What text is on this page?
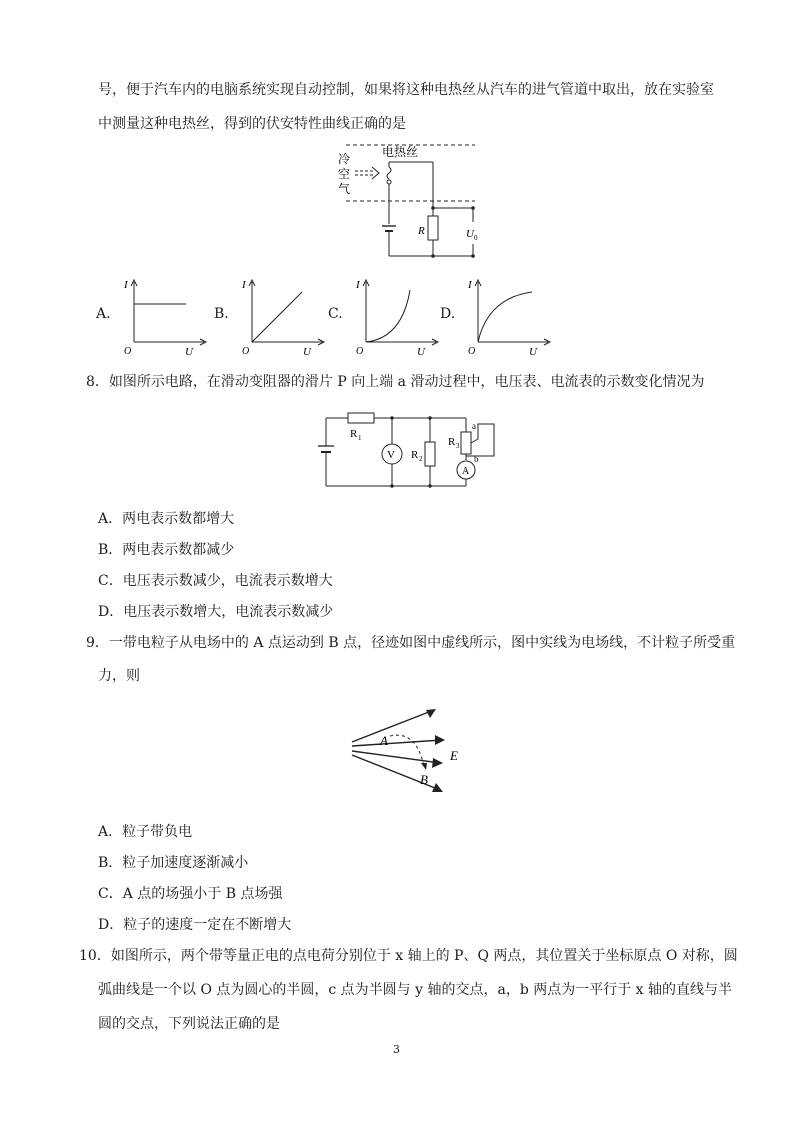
号，便于汽车内的电脑系统实现自动控制，如果将这种电热丝从汽车的进气管道中取出，放在实验室
中测量这种电热丝，得到的伏安特性曲线正确的是
冷
空
气
电热丝
R	U 0
A.
I
O	U
B.
I
O	U
C.
I
O	U
D.
I
O	U
8．如图所示电路，在滑动变阻器的滑片 P 向上端 a 滑动过程中，电压表、电流表的示数变化情况为
R 1
R 2
R 3
V
A
a
b
A．两电表示数都增大
B．两电表示数都减少
C．电压表示数减少，电流表示数增大
D．电压表示数增大，电流表示数减少
9．一带电粒子从电场中的 A 点运动到 B 点，径迹如图中虚线所示，图中实线为电场线，不计粒子所受重
力，则
A
B
E
A．粒子带负电
B．粒子加速度逐渐减小
C．A 点的场强小于 B 点场强
D．粒子的速度一定在不断增大
10．如图所示，两个带等量正电的点电荷分别位于 x 轴上的 P、Q 两点，其位置关于坐标原点 O 对称，圆
弧曲线是一个以 O 点为圆心的半圆，c 点为半圆与 y 轴的交点，a，b 两点为一平行于 x 轴的直线与半
圆的交点，下列说法正确的是
3
